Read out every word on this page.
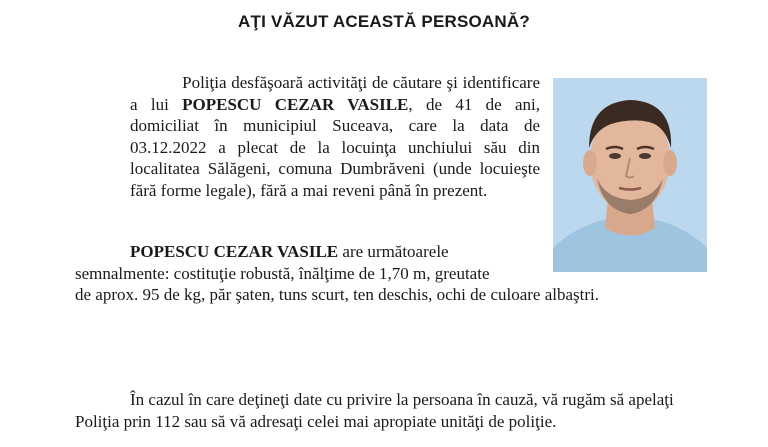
AŢI VĂZUT ACEASTĂ PERSOANĂ?
Poliţia desfăşoară activităţi de căutare şi identificare a lui POPESCU CEZAR VASILE, de 41 de ani, domiciliat în municipiul Suceava, care la data de 03.12.2022 a plecat de la locuinţa unchiului său din localitatea Sălăgeni, comuna Dumbrăveni (unde locuieşte fără forme legale), fără a mai reveni până în prezent.
POPESCU CEZAR VASILE are următoarele
semnalmente: costituţie robustă, înălţime de 1,70 m, greutate
de aprox. 95 de kg, păr şaten, tuns scurt, ten deschis, ochi de culoare albaştri.
În cazul în care deţineţi date cu privire la persoana în cauză, vă rugăm să apelaţi
Poliţia prin 112 sau să vă adresaţi celei mai apropiate unităţi de poliţie.
